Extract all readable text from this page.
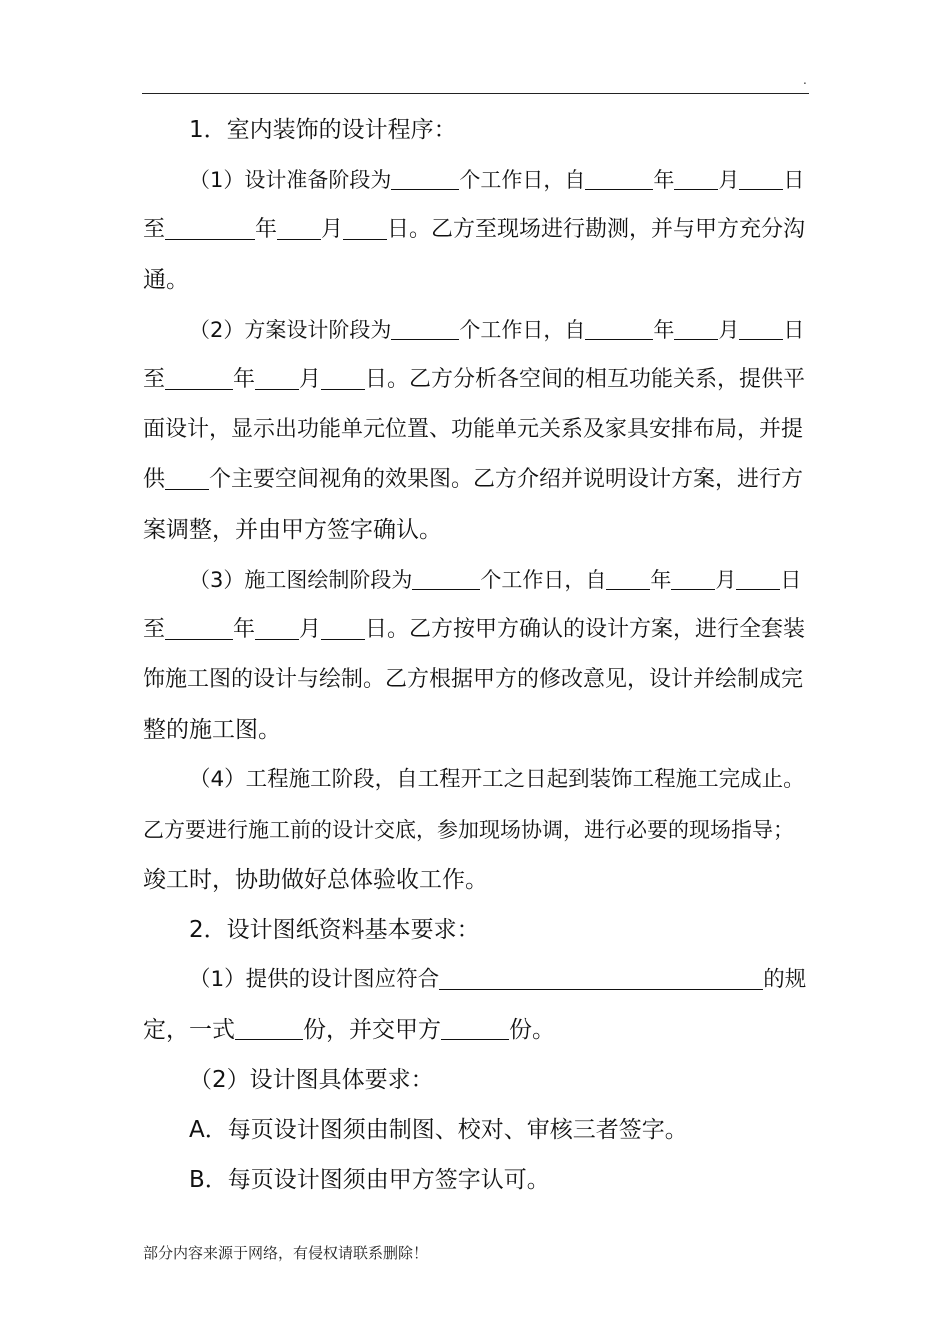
.
1．室内装饰的设计程序：
（1）设计准备阶段为	个工作日，自	年 月 日
至	年 月 日。乙方至现场进行勘测，并与甲方充分沟
通。
（2）方案设计阶段为	个工作日，自	年 月 日
至	年 月 日。乙方分析各空间的相互功能关系，提供平
面设计，显示出功能单元位置、功能单元关系及家具安排布局，并提
供 个主要空间视角的效果图。乙方介绍并说明设计方案，进行方
案调整，并由甲方签字确认。
（3）施工图绘制阶段为	个工作日，自 年 月 日
至	年 月 日。乙方按甲方确认的设计方案，进行全套装
饰施工图的设计与绘制。乙方根据甲方的修改意见，设计并绘制成完
整的施工图。
（4）工程施工阶段，自工程开工之日起到装饰工程施工完成止。
乙方要进行施工前的设计交底，参加现场协调，进行必要的现场指导；
竣工时，协助做好总体验收工作。
2．设计图纸资料基本要求：
（1）提供的设计图应符合	的规
定，一式	份，并交甲方	份。
（2）设计图具体要求：
A．每页设计图须由制图、校对、审核三者签字。
B．每页设计图须由甲方签字认可。
部分内容来源于网络，有侵权请联系删除！
